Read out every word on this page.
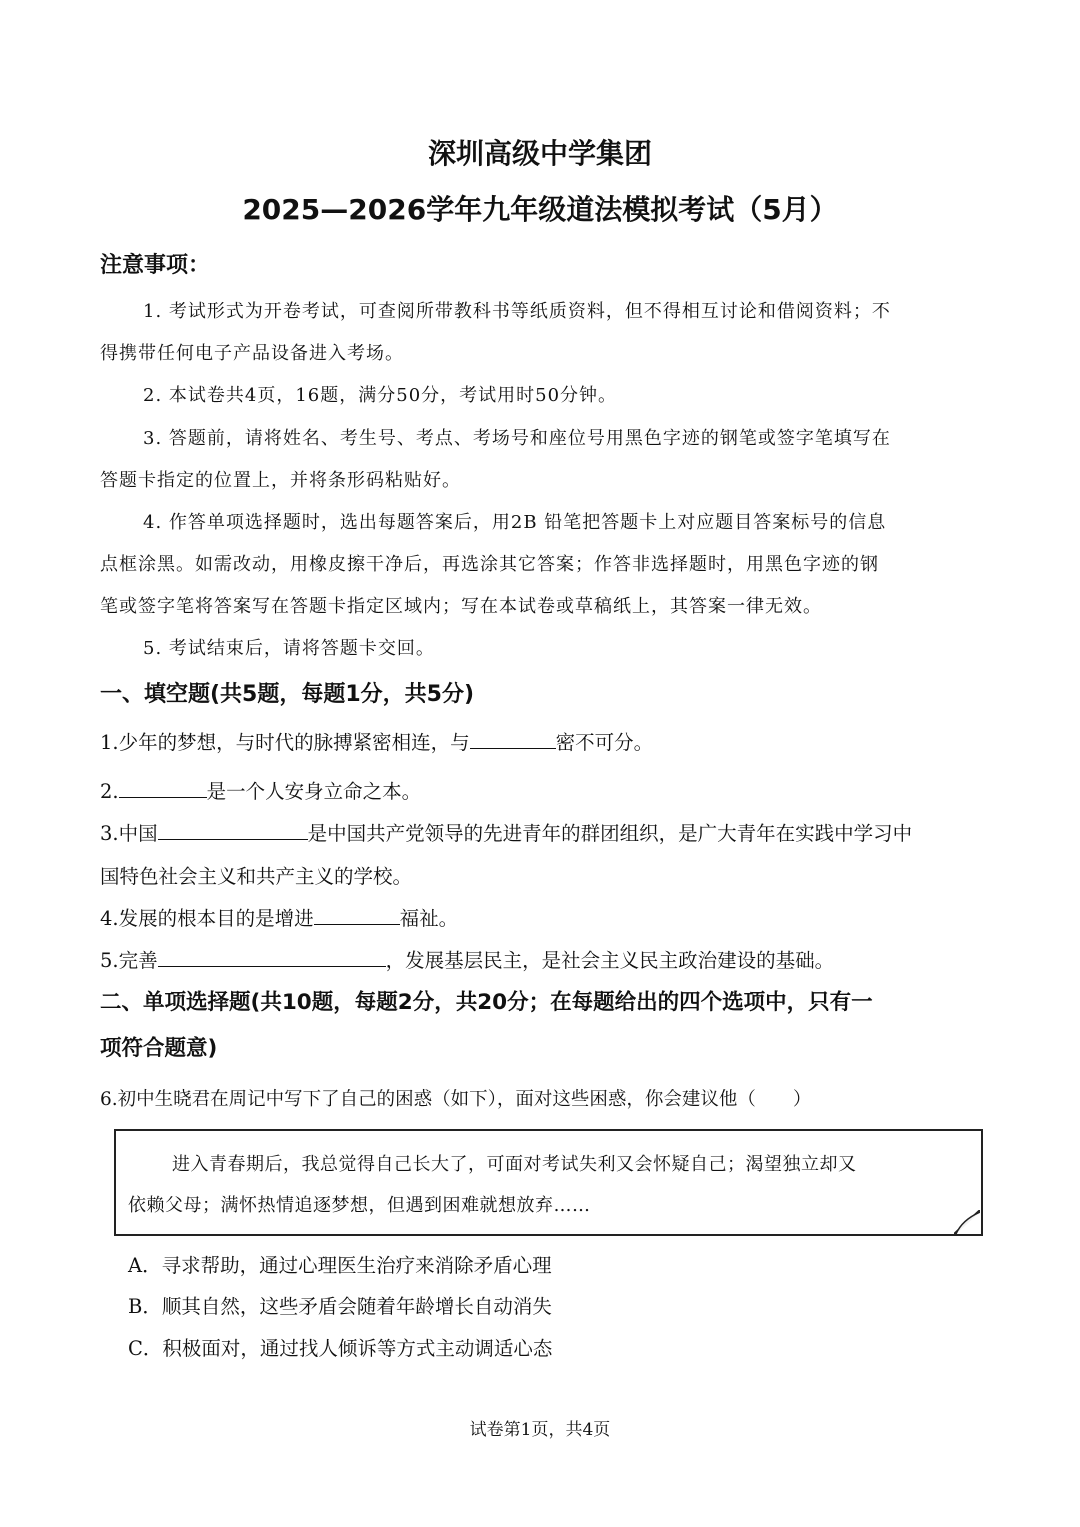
深圳高级中学集团
2025—2026学年九年级道法模拟考试（5月）
注意事项：
1. 考试形式为开卷考试，可查阅所带教科书等纸质资料，但不得相互讨论和借阅资料；不
得携带任何电子产品设备进入考场。
2. 本试卷共4页，16题，满分50分，考试用时50分钟。
3. 答题前，请将姓名、考生号、考点、考场号和座位号用黑色字迹的钢笔或签字笔填写在
答题卡指定的位置上，并将条形码粘贴好。
4. 作答单项选择题时，选出每题答案后，用2B 铅笔把答题卡上对应题目答案标号的信息
点框涂黑。如需改动，用橡皮擦干净后，再选涂其它答案；作答非选择题时，用黑色字迹的钢
笔或签字笔将答案写在答题卡指定区域内；写在本试卷或草稿纸上，其答案一律无效。
5. 考试结束后，请将答题卡交回。
一、填空题(共5题，每题1分，共5分)
1.少年的梦想，与时代的脉搏紧密相连，与	密不可分。
2.	是一个人安身立命之本。
3.中国	是中国共产党领导的先进青年的群团组织，是广大青年在实践中学习中
国特色社会主义和共产主义的学校。
4.发展的根本目的是增进	福祉。
5.完善	，发展基层民主，是社会主义民主政治建设的基础。
二、单项选择题(共10题，每题2分，共20分；在每题给出的四个选项中，只有一
项符合题意)
6.初中生晓君在周记中写下了自己的困惑（如下），面对这些困惑，你会建议他（　　）
进入青春期后，我总觉得自己长大了，可面对考试失利又会怀疑自己；渴望独立却又
依赖父母；满怀热情追逐梦想，但遇到困难就想放弃……
A．寻求帮助，通过心理医生治疗来消除矛盾心理
B．顺其自然，这些矛盾会随着年龄增长自动消失
C．积极面对，通过找人倾诉等方式主动调适心态
试卷第1页，共4页
